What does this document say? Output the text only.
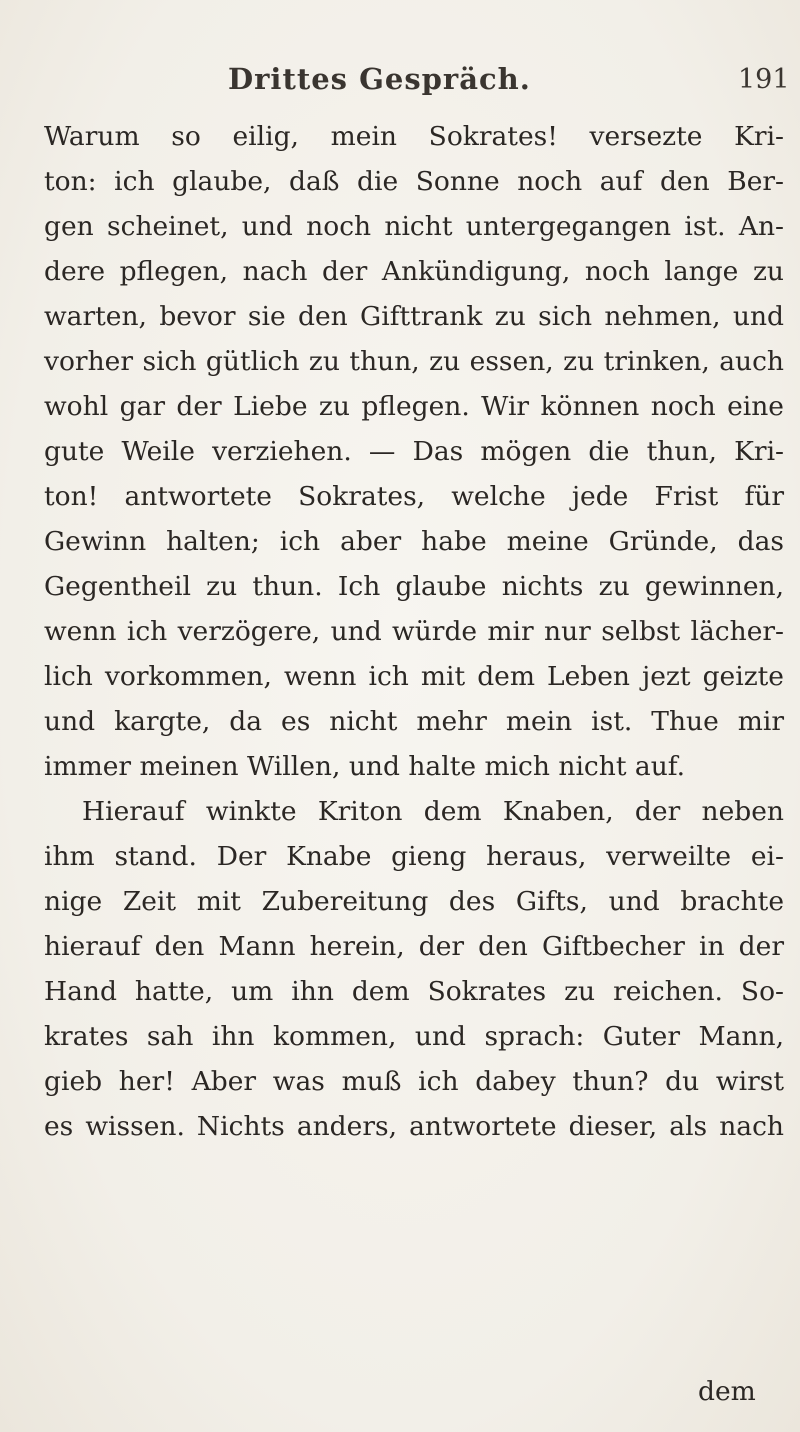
Drittes Gespräch.	191
Warum so eilig, mein Sokrates! versezte Kri-
ton: ich glaube, daß die Sonne noch auf den Ber-
gen scheinet, und noch nicht untergegangen ist. An-
dere pflegen, nach der Ankündigung, noch lange zu
warten, bevor sie den Gifttrank zu sich nehmen, und
vorher sich gütlich zu thun, zu essen, zu trinken, auch
wohl gar der Liebe zu pflegen. Wir können noch eine
gute Weile verziehen. — Das mögen die thun, Kri-
ton! antwortete Sokrates, welche jede Frist für
Gewinn halten; ich aber habe meine Gründe, das
Gegentheil zu thun. Ich glaube nichts zu gewinnen,
wenn ich verzögere, und würde mir nur selbst lächer-
lich vorkommen, wenn ich mit dem Leben jezt geizte
und kargte, da es nicht mehr mein ist. Thue mir
immer meinen Willen, und halte mich nicht auf.
Hierauf winkte Kriton dem Knaben, der neben
ihm stand. Der Knabe gieng heraus, verweilte ei-
nige Zeit mit Zubereitung des Gifts, und brachte
hierauf den Mann herein, der den Giftbecher in der
Hand hatte, um ihn dem Sokrates zu reichen. So-
krates sah ihn kommen, und sprach: Guter Mann,
gieb her! Aber was muß ich dabey thun? du wirst
es wissen. Nichts anders, antwortete dieser, als nach
dem
